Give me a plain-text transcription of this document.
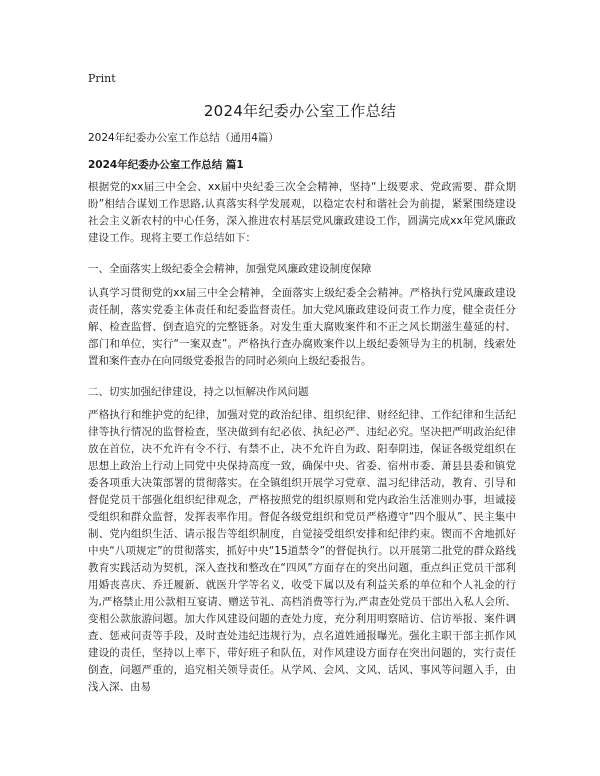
Print
2024年纪委办公室工作总结

2024年纪委办公室工作总结（通用4篇）

2024年纪委办公室工作总结 篇1

根据党的xx届三中全会、xx届中央纪委三次全会精神，坚持“上级要求、党政需要、群众期盼”相结合谋划工作思路,认真落实科学发展观，以稳定农村和谐社会为前提，紧紧围绕建设社会主义新农村的中心任务，深入推进农村基层党风廉政建设工作，圆满完成xx年党风廉政建设工作。现将主要工作总结如下：

一、全面落实上级纪委全会精神，加强党风廉政建设制度保障

认真学习贯彻党的xx届三中全会精神，全面落实上级纪委全会精神。严格执行党风廉政建设责任制，落实党委主体责任和纪委监督责任。加大党风廉政建设问责工作力度，健全责任分解、检查监督、倒查追究的完整链条。对发生重大腐败案件和不正之风长期滋生蔓延的村、部门和单位，实行“一案双查”。严格执行查办腐败案件以上级纪委领导为主的机制，线索处置和案件查办在向同级党委报告的同时必须向上级纪委报告。

二、切实加强纪律建设，持之以恒解决作风问题

严格执行和维护党的纪律，加强对党的政治纪律、组织纪律、财经纪律、工作纪律和生活纪律等执行情况的监督检查，坚决做到有纪必依、执纪必严、违纪必究。坚决把严明政治纪律放在首位，决不允许有令不行、有禁不止，决不允许自为政、阳奉阴违，保证各级党组织在思想上政治上行动上同党中央保持高度一致，确保中央、省委、宿州市委、萧县县委和镇党委各项重大决策部署的贯彻落实。在全镇组织开展学习党章、温习纪律活动，教育、引导和督促党员干部强化组织纪律观念，严格按照党的组织原则和党内政治生活准则办事，坦诚接受组织和群众监督，发挥表率作用。督促各级党组织和党员严格遵守“四个服从”、民主集中制、党内组织生活、请示报告等组织制度，自觉接受组织安排和纪律约束。锲而不舍地抓好中央“八项规定”的贯彻落实，抓好中央“15道禁令”的督促执行。以开展第二批党的群众路线教育实践活动为契机，深入查找和整改在“四风”方面存在的突出问题，重点纠正党员干部利用婚丧喜庆、乔迁履新、就医升学等名义，收受下属以及有利益关系的单位和个人礼金的行为,严格禁止用公款相互宴请、赠送节礼、高档消费等行为,严肃查处党员干部出入私人会所、变相公款旅游问题。加大作风建设问题的查处力度，充分利用明察暗访、信访举报、案件调查、惩戒问责等手段，及时查处违纪违规行为，点名道姓通报曝光。强化主职干部主抓作风建设的责任，坚持以上率下，带好班子和队伍，对作风建设方面存在突出问题的，实行责任倒查，问题严重的，追究相关领导责任。从学风、会风、文风、话风、事风等问题入手，由浅入深、由易
